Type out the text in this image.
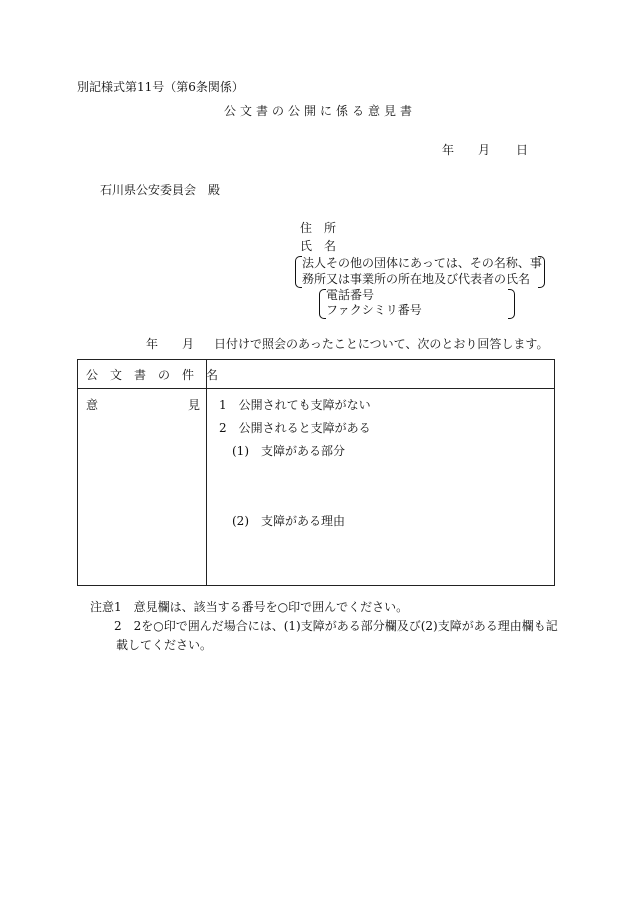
別記様式第11号（第6条関係）
公文書の公開に係る意見書
年 月 日
石川県公安委員会　殿
住　所
氏　名
法人その他の団体にあっては、その名称、事
務所又は事業所の所在地及び代表者の氏名
電話番号
ファクシミリ番号
年 月 日付けで照会のあったことについて、次のとおり回答します。
公　文　書　の　件　名
意	見 1　公開されても支障がない
2　公開されると支障がある
(1)　支障がある部分
(2)　支障がある理由
注意1　意見欄は、該当する番号を○印で囲んでください。
2　2を○印で囲んだ場合には、(1)支障がある部分欄及び(2)支障がある理由欄も記
載してください。
